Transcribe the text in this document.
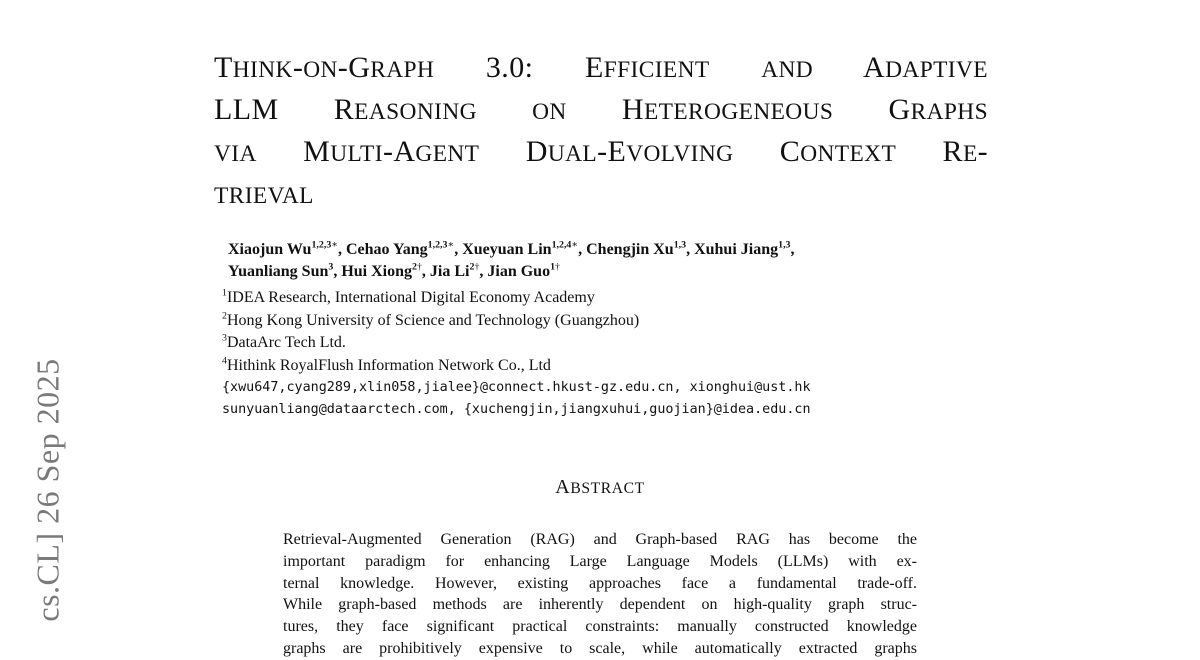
cs.CL] 26 Sep 2025
THINK-ON-GRAPH 3.0: EFFICIENT AND ADAPTIVE
LLM REASONING ON HETEROGENEOUS GRAPHS
VIA MULTI-AGENT DUAL-EVOLVING CONTEXT RE-
TRIEVAL
Xiaojun $Wu^{1,2,3∗}$, Cehao Yang$^{1,2,3∗}$, Xueyuan Lin$^{1,2,4∗}$, Chengjin Xu$^{1,3}$, Xuhui Jiang$^{1,3}$,
Yuanliang Sun$^3$, Hui Xiong$^{2\dagger}$, Jia $Li^{2\dagger}$, Jian Guo$^{1\dagger}$
$^1$IDEA Research, International Digital Economy Academy
$^2$Hong Kong University of Science and Technology (Guangzhou)
$^3$DataArc Tech Ltd.
$^4$Hithink RoyalFlush Information Network Co., Ltd
{xwu647,cyang289,xlin058,jialee}@connect.hkust-gz.edu.cn, xionghui@ust.hk
sunyuanliang@dataarctech.com, {xuchengjin,jiangxuhui,guojian}@idea.edu.cn
ABSTRACT
Retrieval-Augmented Generation (RAG) and Graph-based RAG has become the
important paradigm for enhancing Large Language Models (LLMs) with ex-
ternal knowledge. However, existing approaches face a fundamental trade-off.
While graph-based methods are inherently dependent on high-quality graph struc-
tures, they face significant practical constraints: manually constructed knowledge
graphs are prohibitively expensive to scale, while automatically extracted graphs
